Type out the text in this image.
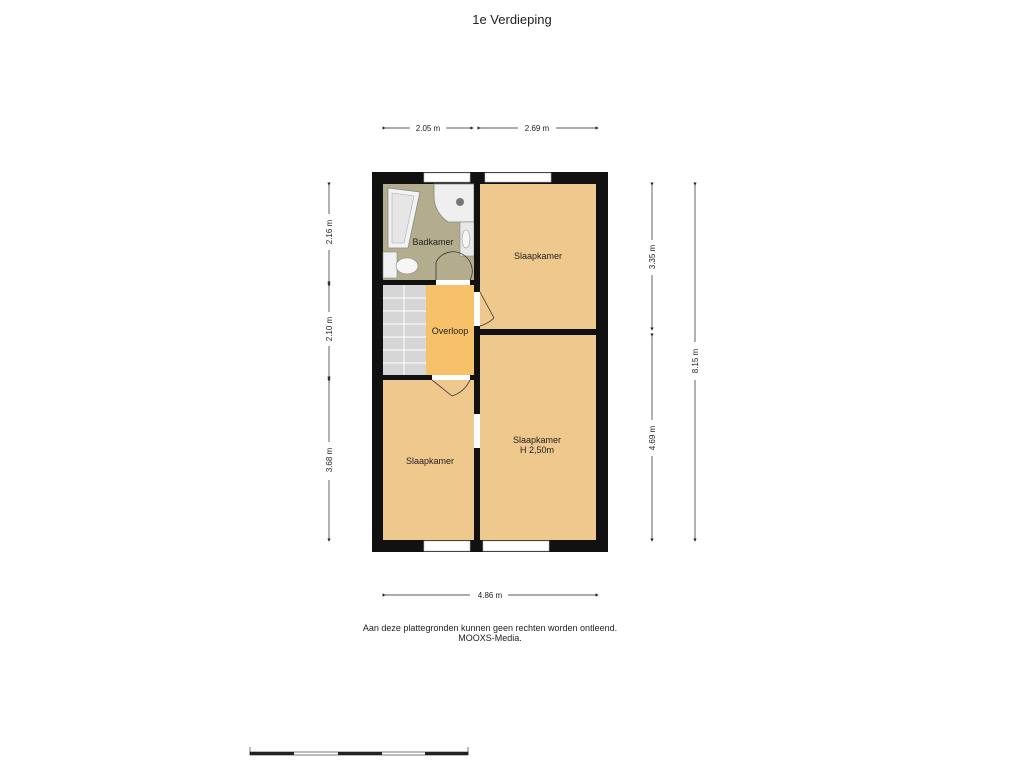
1e Verdieping
Badkamer
Overloop
Slaapkamer
Slaapkamer
H 2,50m
Slaapkamer
2.05 m	2.69 m
4.86 m
2.16 m
2.10 m
3.68 m
3.35 m
4.69 m
8.15 m
Aan deze plattegronden kunnen geen rechten worden ontleend.
MOOXS-Media.
